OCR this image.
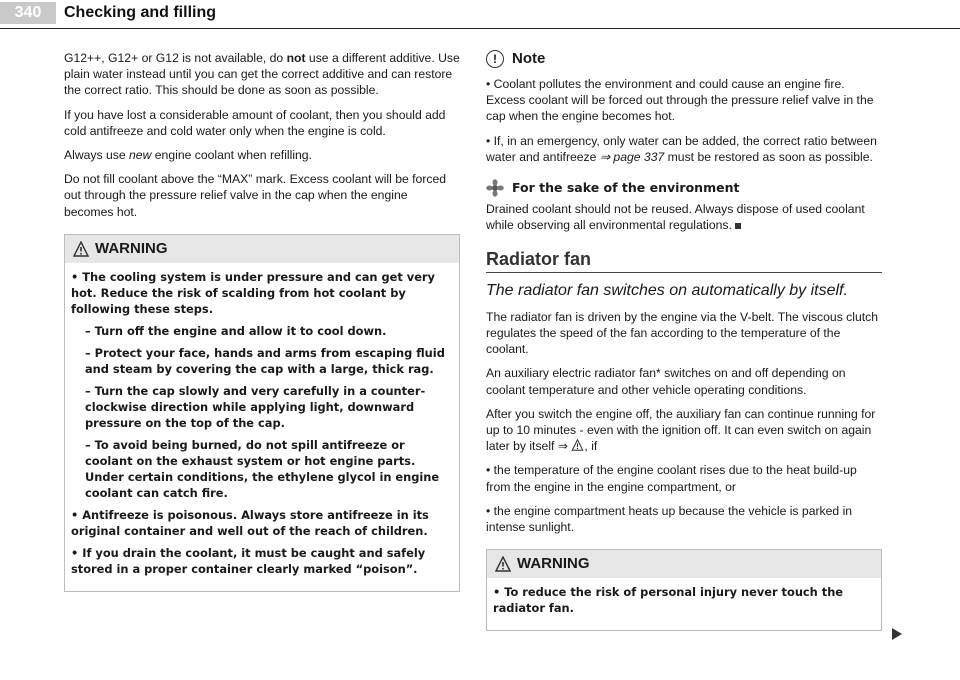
340	Checking and filling

G12++, G12+ or G12 is not available, do not use a different additive. Use plain water instead until you can get the correct additive and can restore the correct ratio. This should be done as soon as possible.

If you have lost a considerable amount of coolant, then you should add cold antifreeze and cold water only when the engine is cold.

Always use new engine coolant when refilling.

Do not fill coolant above the “MAX” mark. Excess coolant will be forced out through the pressure relief valve in the cap when the engine becomes hot.

WARNING

• The cooling system is under pressure and can get very hot. Reduce the risk of scalding from hot coolant by following these steps.

– Turn off the engine and allow it to cool down.

– Protect your face, hands and arms from escaping fluid and steam by covering the cap with a large, thick rag.

– Turn the cap slowly and very carefully in a counter-clockwise direction while applying light, downward pressure on the top of the cap.

– To avoid being burned, do not spill antifreeze or coolant on the exhaust system or hot engine parts. Under certain conditions, the ethylene glycol in engine coolant can catch fire.

• Antifreeze is poisonous. Always store antifreeze in its original container and well out of the reach of children.

• If you drain the coolant, it must be caught and safely stored in a proper container clearly marked “poison”.

!	Note

• Coolant pollutes the environment and could cause an engine fire. Excess coolant will be forced out through the pressure relief valve in the cap when the engine becomes hot.

• If, in an emergency, only water can be added, the correct ratio between water and antifreeze ⇒ page 337 must be restored as soon as possible.

For the sake of the environment

Drained coolant should not be reused. Always dispose of used coolant while observing all environmental regulations.

Radiator fan
The radiator fan switches on automatically by itself.

The radiator fan is driven by the engine via the V-belt. The viscous clutch regulates the speed of the fan according to the temperature of the coolant.

An auxiliary electric radiator fan* switches on and off depending on coolant temperature and other vehicle operating conditions.

After you switch the engine off, the auxiliary fan can continue running for up to 10 minutes - even with the ignition off. It can even switch on again later by itself ⇒ , if

• the temperature of the engine coolant rises due to the heat build-up from the engine in the engine compartment, or

• the engine compartment heats up because the vehicle is parked in intense sunlight.

WARNING

• To reduce the risk of personal injury never touch the radiator fan.
